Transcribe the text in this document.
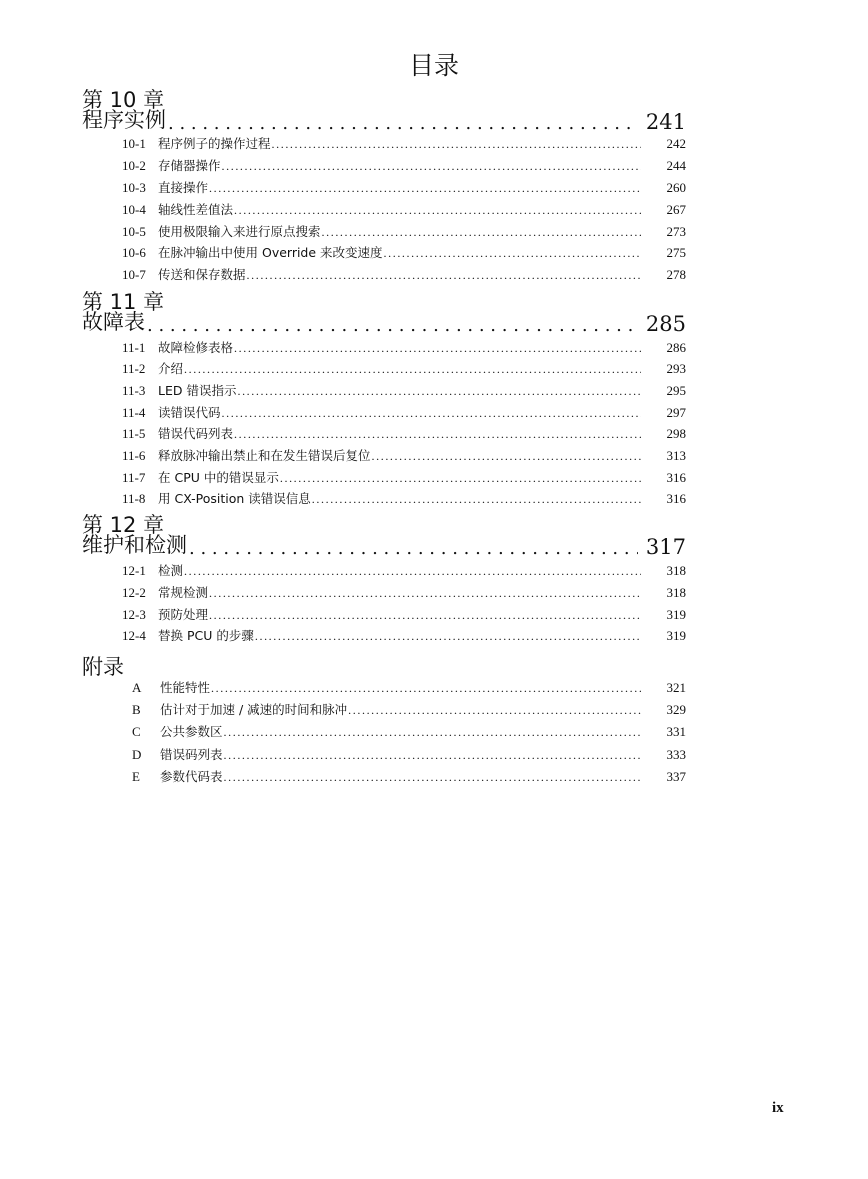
目录
第 10 章
程序实例 . . .	241
10-1 程序例子的操作过程 .....	242
10-2 存储器操作 .....	244
10-3 直接操作 .....	260
10-4 轴线性差值法 .....	267
10-5 使用极限输入来进行原点搜索 .....	273
10-6 在脉冲输出中使用 Override 来改变速度 .....	275
10-7 传送和保存数据 .....	278
第 11 章
故障表 . . .	285
11-1	故障检修表格 .....	286
11-2	介绍 .....	293
11-3	LED 错误指示 .....	295
11-4	读错误代码 .....	297
11-5	错误代码列表 .....	298
11-6	释放脉冲输出禁止和在发生错误后复位 .....	313
11-7	在 CPU 中的错误显示 .....	316
11-8	用 CX-Position 读错误信息 .....	316
第 12 章
维护和检测 . . .	317
12-1 检测 .....	318
12-2 常规检测 .....	318
12-3 预防处理 .....	319
12-4 替换 PCU 的步骤 .....	319
附录
A	性能特性 .....	321
B	估计对于加速 / 减速的时间和脉冲 .....	329
C	公共参数区 .....	331
D	错误码列表 .....	333
E	参数代码表 .....	337
ix
